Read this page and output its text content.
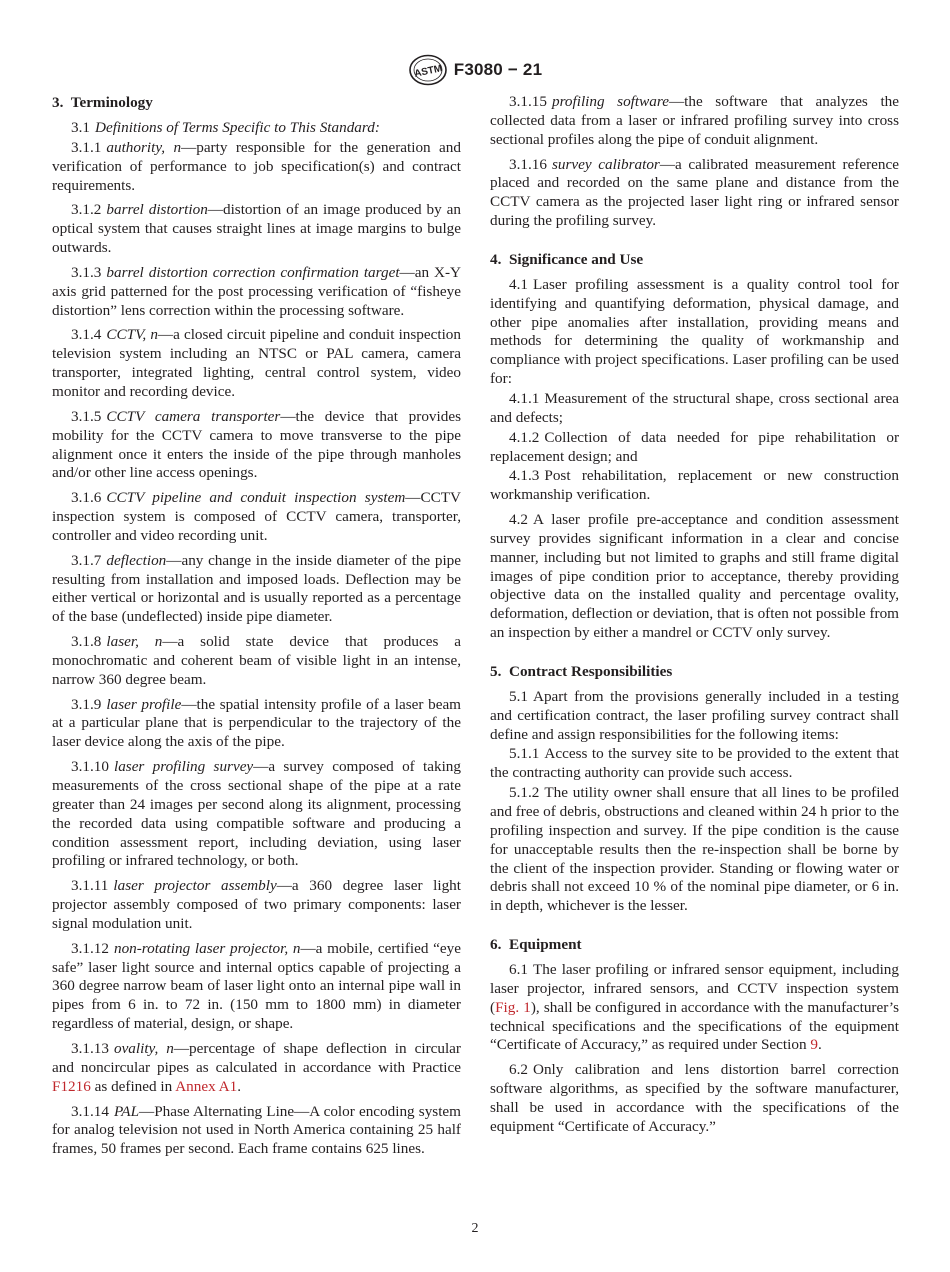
ASTM F3080 − 21
3. Terminology

3.1 Definitions of Terms Specific to This Standard:

3.1.1 authority, n—party responsible for the generation and verification of performance to job specification(s) and contract requirements.

3.1.2 barrel distortion—distortion of an image produced by an optical system that causes straight lines at image margins to bulge outwards.

3.1.3 barrel distortion correction confirmation target—an X-Y axis grid patterned for the post processing verification of “fisheye distortion” lens correction within the processing software.

3.1.4 CCTV, n—a closed circuit pipeline and conduit inspection television system including an NTSC or PAL camera, camera transporter, integrated lighting, central control system, video monitor and recording device.

3.1.5 CCTV camera transporter—the device that provides mobility for the CCTV camera to move transverse to the pipe alignment once it enters the inside of the pipe through manholes and/or other line access openings.

3.1.6 CCTV pipeline and conduit inspection system—CCTV inspection system is composed of CCTV camera, transporter, controller and video recording unit.

3.1.7 deflection—any change in the inside diameter of the pipe resulting from installation and imposed loads. Deflection may be either vertical or horizontal and is usually reported as a percentage of the base (undeflected) inside pipe diameter.

3.1.8 laser, n—a solid state device that produces a monochromatic and coherent beam of visible light in an intense, narrow 360 degree beam.

3.1.9 laser profile—the spatial intensity profile of a laser beam at a particular plane that is perpendicular to the trajectory of the laser device along the axis of the pipe.

3.1.10 laser profiling survey—a survey composed of taking measurements of the cross sectional shape of the pipe at a rate greater than 24 images per second along its alignment, processing the recorded data using compatible software and producing a condition assessment report, including deviation, using laser profiling or infrared technology, or both.

3.1.11 laser projector assembly—a 360 degree laser light projector assembly composed of two primary components: laser signal modulation unit.

3.1.12 non-rotating laser projector, n—a mobile, certified “eye safe” laser light source and internal optics capable of projecting a 360 degree narrow beam of laser light onto an internal pipe wall in pipes from 6 in. to 72 in. (150 mm to 1800 mm) in diameter regardless of material, design, or shape.

3.1.13 ovality, n—percentage of shape deflection in circular and noncircular pipes as calculated in accordance with Practice F1216 as defined in Annex A1.

3.1.14 PAL—Phase Alternating Line—A color encoding system for analog television not used in North America containing 25 half frames, 50 frames per second. Each frame contains 625 lines.

3.1.15 profiling software—the software that analyzes the collected data from a laser or infrared profiling survey into cross sectional profiles along the pipe of conduit alignment.

3.1.16 survey calibrator—a calibrated measurement reference placed and recorded on the same plane and distance from the CCTV camera as the projected laser light ring or infrared sensor during the profiling survey.

4. Significance and Use

4.1 Laser profiling assessment is a quality control tool for identifying and quantifying deformation, physical damage, and other pipe anomalies after installation, providing means and methods for determining the quality of workmanship and compliance with project specifications. Laser profiling can be used for:

4.1.1 Measurement of the structural shape, cross sectional area and defects;

4.1.2 Collection of data needed for pipe rehabilitation or replacement design; and

4.1.3 Post rehabilitation, replacement or new construction workmanship verification.

4.2 A laser profile pre-acceptance and condition assessment survey provides significant information in a clear and concise manner, including but not limited to graphs and still frame digital images of pipe condition prior to acceptance, thereby providing objective data on the installed quality and percentage ovality, deformation, deflection or deviation, that is often not possible from an inspection by either a mandrel or CCTV only survey.

5. Contract Responsibilities

5.1 Apart from the provisions generally included in a testing and certification contract, the laser profiling survey contract shall define and assign responsibilities for the following items:

5.1.1 Access to the survey site to be provided to the extent that the contracting authority can provide such access.

5.1.2 The utility owner shall ensure that all lines to be profiled and free of debris, obstructions and cleaned within 24 h prior to the profiling inspection and survey. If the pipe condition is the cause for unacceptable results then the re-inspection shall be borne by the client of the inspection provider. Standing or flowing water or debris shall not exceed 10 % of the nominal pipe diameter, or 6 in. in depth, whichever is the lesser.

6. Equipment

6.1 The laser profiling or infrared sensor equipment, including laser projector, infrared sensors, and CCTV inspection system (Fig. 1), shall be configured in accordance with the manufacturer’s technical specifications and the specifications of the equipment “Certificate of Accuracy,” as required under Section 9.

6.2 Only calibration and lens distortion barrel correction software algorithms, as specified by the software manufacturer, shall be used in accordance with the specifications of the equipment “Certificate of Accuracy.”

2
